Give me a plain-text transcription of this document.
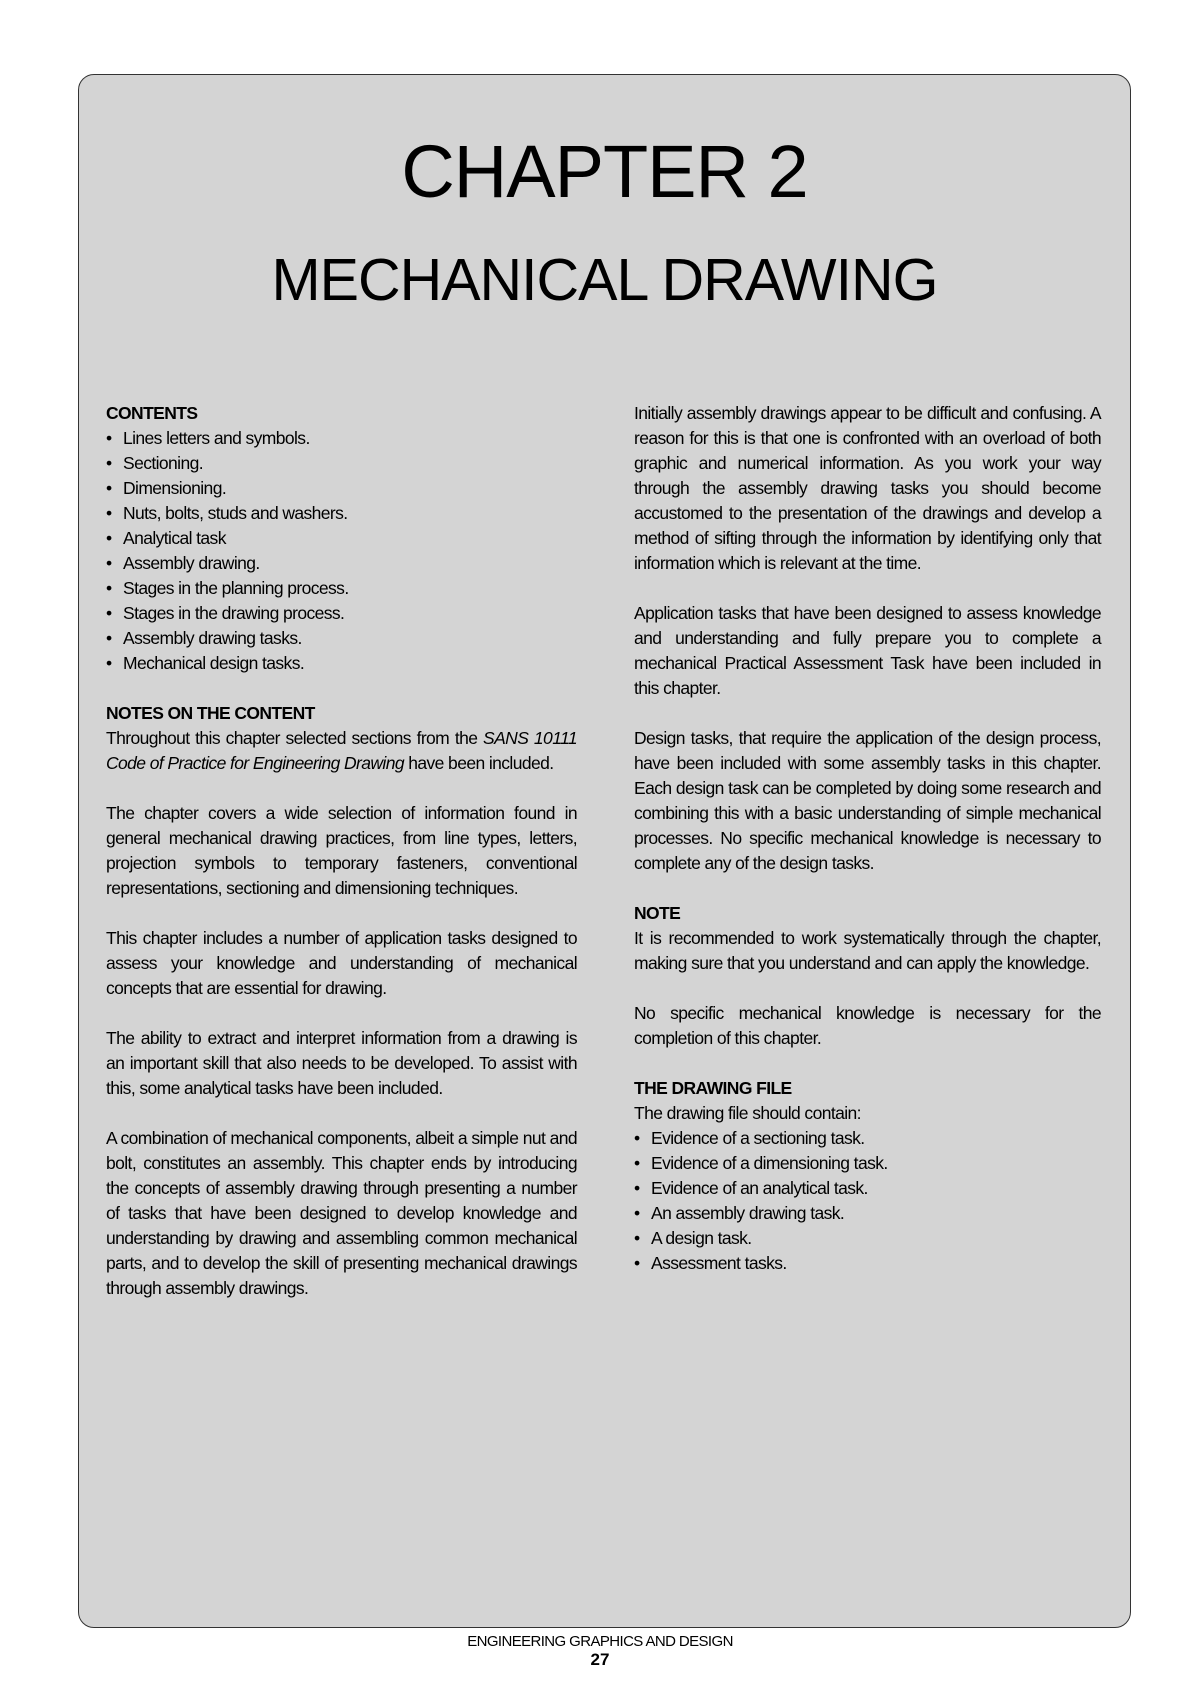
CHAPTER 2
MECHANICAL DRAWING
CONTENTS
• Lines letters and symbols.
• Sectioning.
• Dimensioning.
• Nuts, bolts, studs and washers.
• Analytical task
• Assembly drawing.
• Stages in the planning process.
• Stages in the drawing process.
• Assembly drawing tasks.
• Mechanical design tasks.
NOTES ON THE CONTENT

Throughout this chapter selected sections from the SANS 10111 Code of Practice for Engineering Drawing have been included.

The chapter covers a wide selection of information found in general mechanical drawing practices, from line types, letters, projection symbols to temporary fasteners, conventional representations, sectioning and dimensioning techniques.

This chapter includes a number of application tasks designed to assess your knowledge and understanding of mechanical concepts that are essential for drawing.

The ability to extract and interpret information from a drawing is an important skill that also needs to be developed. To assist with this, some analytical tasks have been included.

A combination of mechanical components, albeit a simple nut and bolt, constitutes an assembly. This chapter ends by introducing the concepts of assembly drawing through presenting a number of tasks that have been designed to develop knowledge and understanding by drawing and assembling common mechanical parts, and to develop the skill of presenting mechanical drawings through assembly drawings.

Initially assembly drawings appear to be difficult and confusing. A reason for this is that one is confronted with an overload of both graphic and numerical information. As you work your way through the assembly drawing tasks you should become accustomed to the presentation of the drawings and develop a method of sifting through the information by identifying only that information which is relevant at the time.

Application tasks that have been designed to assess knowledge and understanding and fully prepare you to complete a mechanical Practical Assessment Task have been included in this chapter.

Design tasks, that require the application of the design process, have been included with some assembly tasks in this chapter. Each design task can be completed by doing some research and combining this with a basic understanding of simple mechanical processes. No specific mechanical knowledge is necessary to complete any of the design tasks.

NOTE

It is recommended to work systematically through the chapter, making sure that you understand and can apply the knowledge.

No specific mechanical knowledge is necessary for the completion of this chapter.

THE DRAWING FILE
The drawing file should contain:
• Evidence of a sectioning task.
• Evidence of a dimensioning task.
• Evidence of an analytical task.
• An assembly drawing task.
• A design task.
• Assessment tasks.
ENGINEERING GRAPHICS AND DESIGN
27
